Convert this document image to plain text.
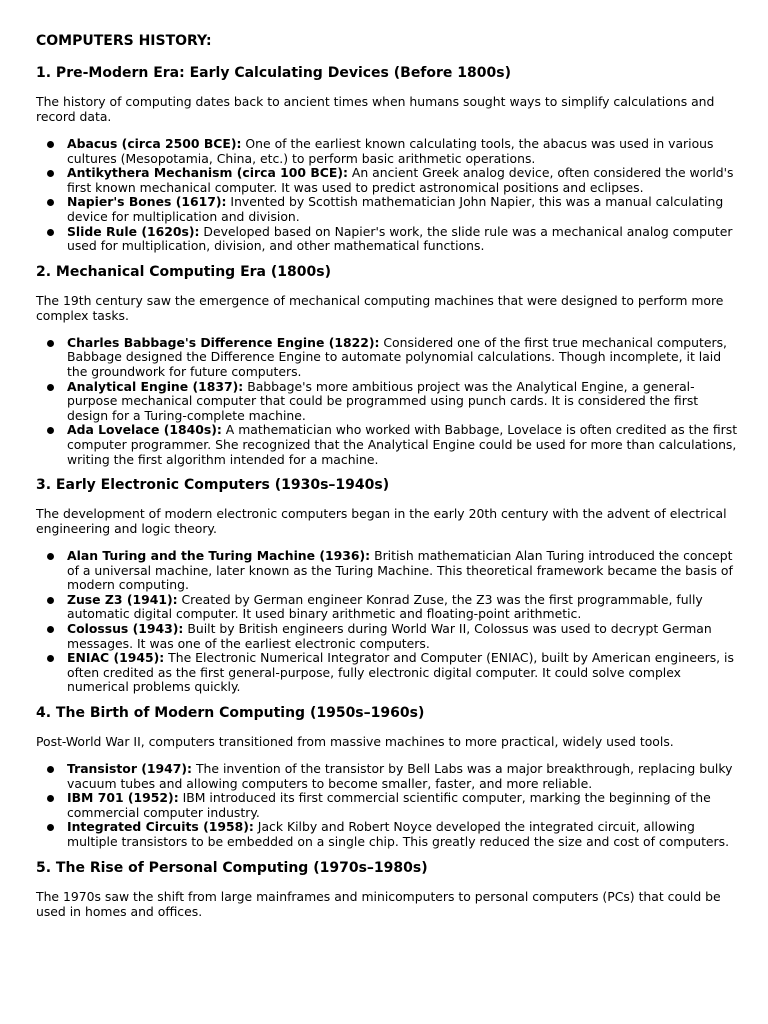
COMPUTERS HISTORY:
1. Pre-Modern Era: Early Calculating Devices (Before 1800s)
The history of computing dates back to ancient times when humans sought ways to simplify calculations and record data.
Abacus (circa 2500 BCE): One of the earliest known calculating tools, the abacus was used in various cultures (Mesopotamia, China, etc.) to perform basic arithmetic operations.
Antikythera Mechanism (circa 100 BCE): An ancient Greek analog device, often considered the world's first known mechanical computer. It was used to predict astronomical positions and eclipses.
Napier's Bones (1617): Invented by Scottish mathematician John Napier, this was a manual calculating device for multiplication and division.
Slide Rule (1620s): Developed based on Napier's work, the slide rule was a mechanical analog computer used for multiplication, division, and other mathematical functions.
2. Mechanical Computing Era (1800s)
The 19th century saw the emergence of mechanical computing machines that were designed to perform more complex tasks.
Charles Babbage's Difference Engine (1822): Considered one of the first true mechanical computers, Babbage designed the Difference Engine to automate polynomial calculations. Though incomplete, it laid the groundwork for future computers.
Analytical Engine (1837): Babbage's more ambitious project was the Analytical Engine, a general-purpose mechanical computer that could be programmed using punch cards. It is considered the first design for a Turing-complete machine.
Ada Lovelace (1840s): A mathematician who worked with Babbage, Lovelace is often credited as the first computer programmer. She recognized that the Analytical Engine could be used for more than calculations, writing the first algorithm intended for a machine.
3. Early Electronic Computers (1930s–1940s)
The development of modern electronic computers began in the early 20th century with the advent of electrical engineering and logic theory.
Alan Turing and the Turing Machine (1936): British mathematician Alan Turing introduced the concept of a universal machine, later known as the Turing Machine. This theoretical framework became the basis of modern computing.
Zuse Z3 (1941): Created by German engineer Konrad Zuse, the Z3 was the first programmable, fully automatic digital computer. It used binary arithmetic and floating-point arithmetic.
Colossus (1943): Built by British engineers during World War II, Colossus was used to decrypt German messages. It was one of the earliest electronic computers.
ENIAC (1945): The Electronic Numerical Integrator and Computer (ENIAC), built by American engineers, is often credited as the first general-purpose, fully electronic digital computer. It could solve complex numerical problems quickly.
4. The Birth of Modern Computing (1950s–1960s)
Post-World War II, computers transitioned from massive machines to more practical, widely used tools.
Transistor (1947): The invention of the transistor by Bell Labs was a major breakthrough, replacing bulky vacuum tubes and allowing computers to become smaller, faster, and more reliable.
IBM 701 (1952): IBM introduced its first commercial scientific computer, marking the beginning of the commercial computer industry.
Integrated Circuits (1958): Jack Kilby and Robert Noyce developed the integrated circuit, allowing multiple transistors to be embedded on a single chip. This greatly reduced the size and cost of computers.
5. The Rise of Personal Computing (1970s–1980s)
The 1970s saw the shift from large mainframes and minicomputers to personal computers (PCs) that could be used in homes and offices.
